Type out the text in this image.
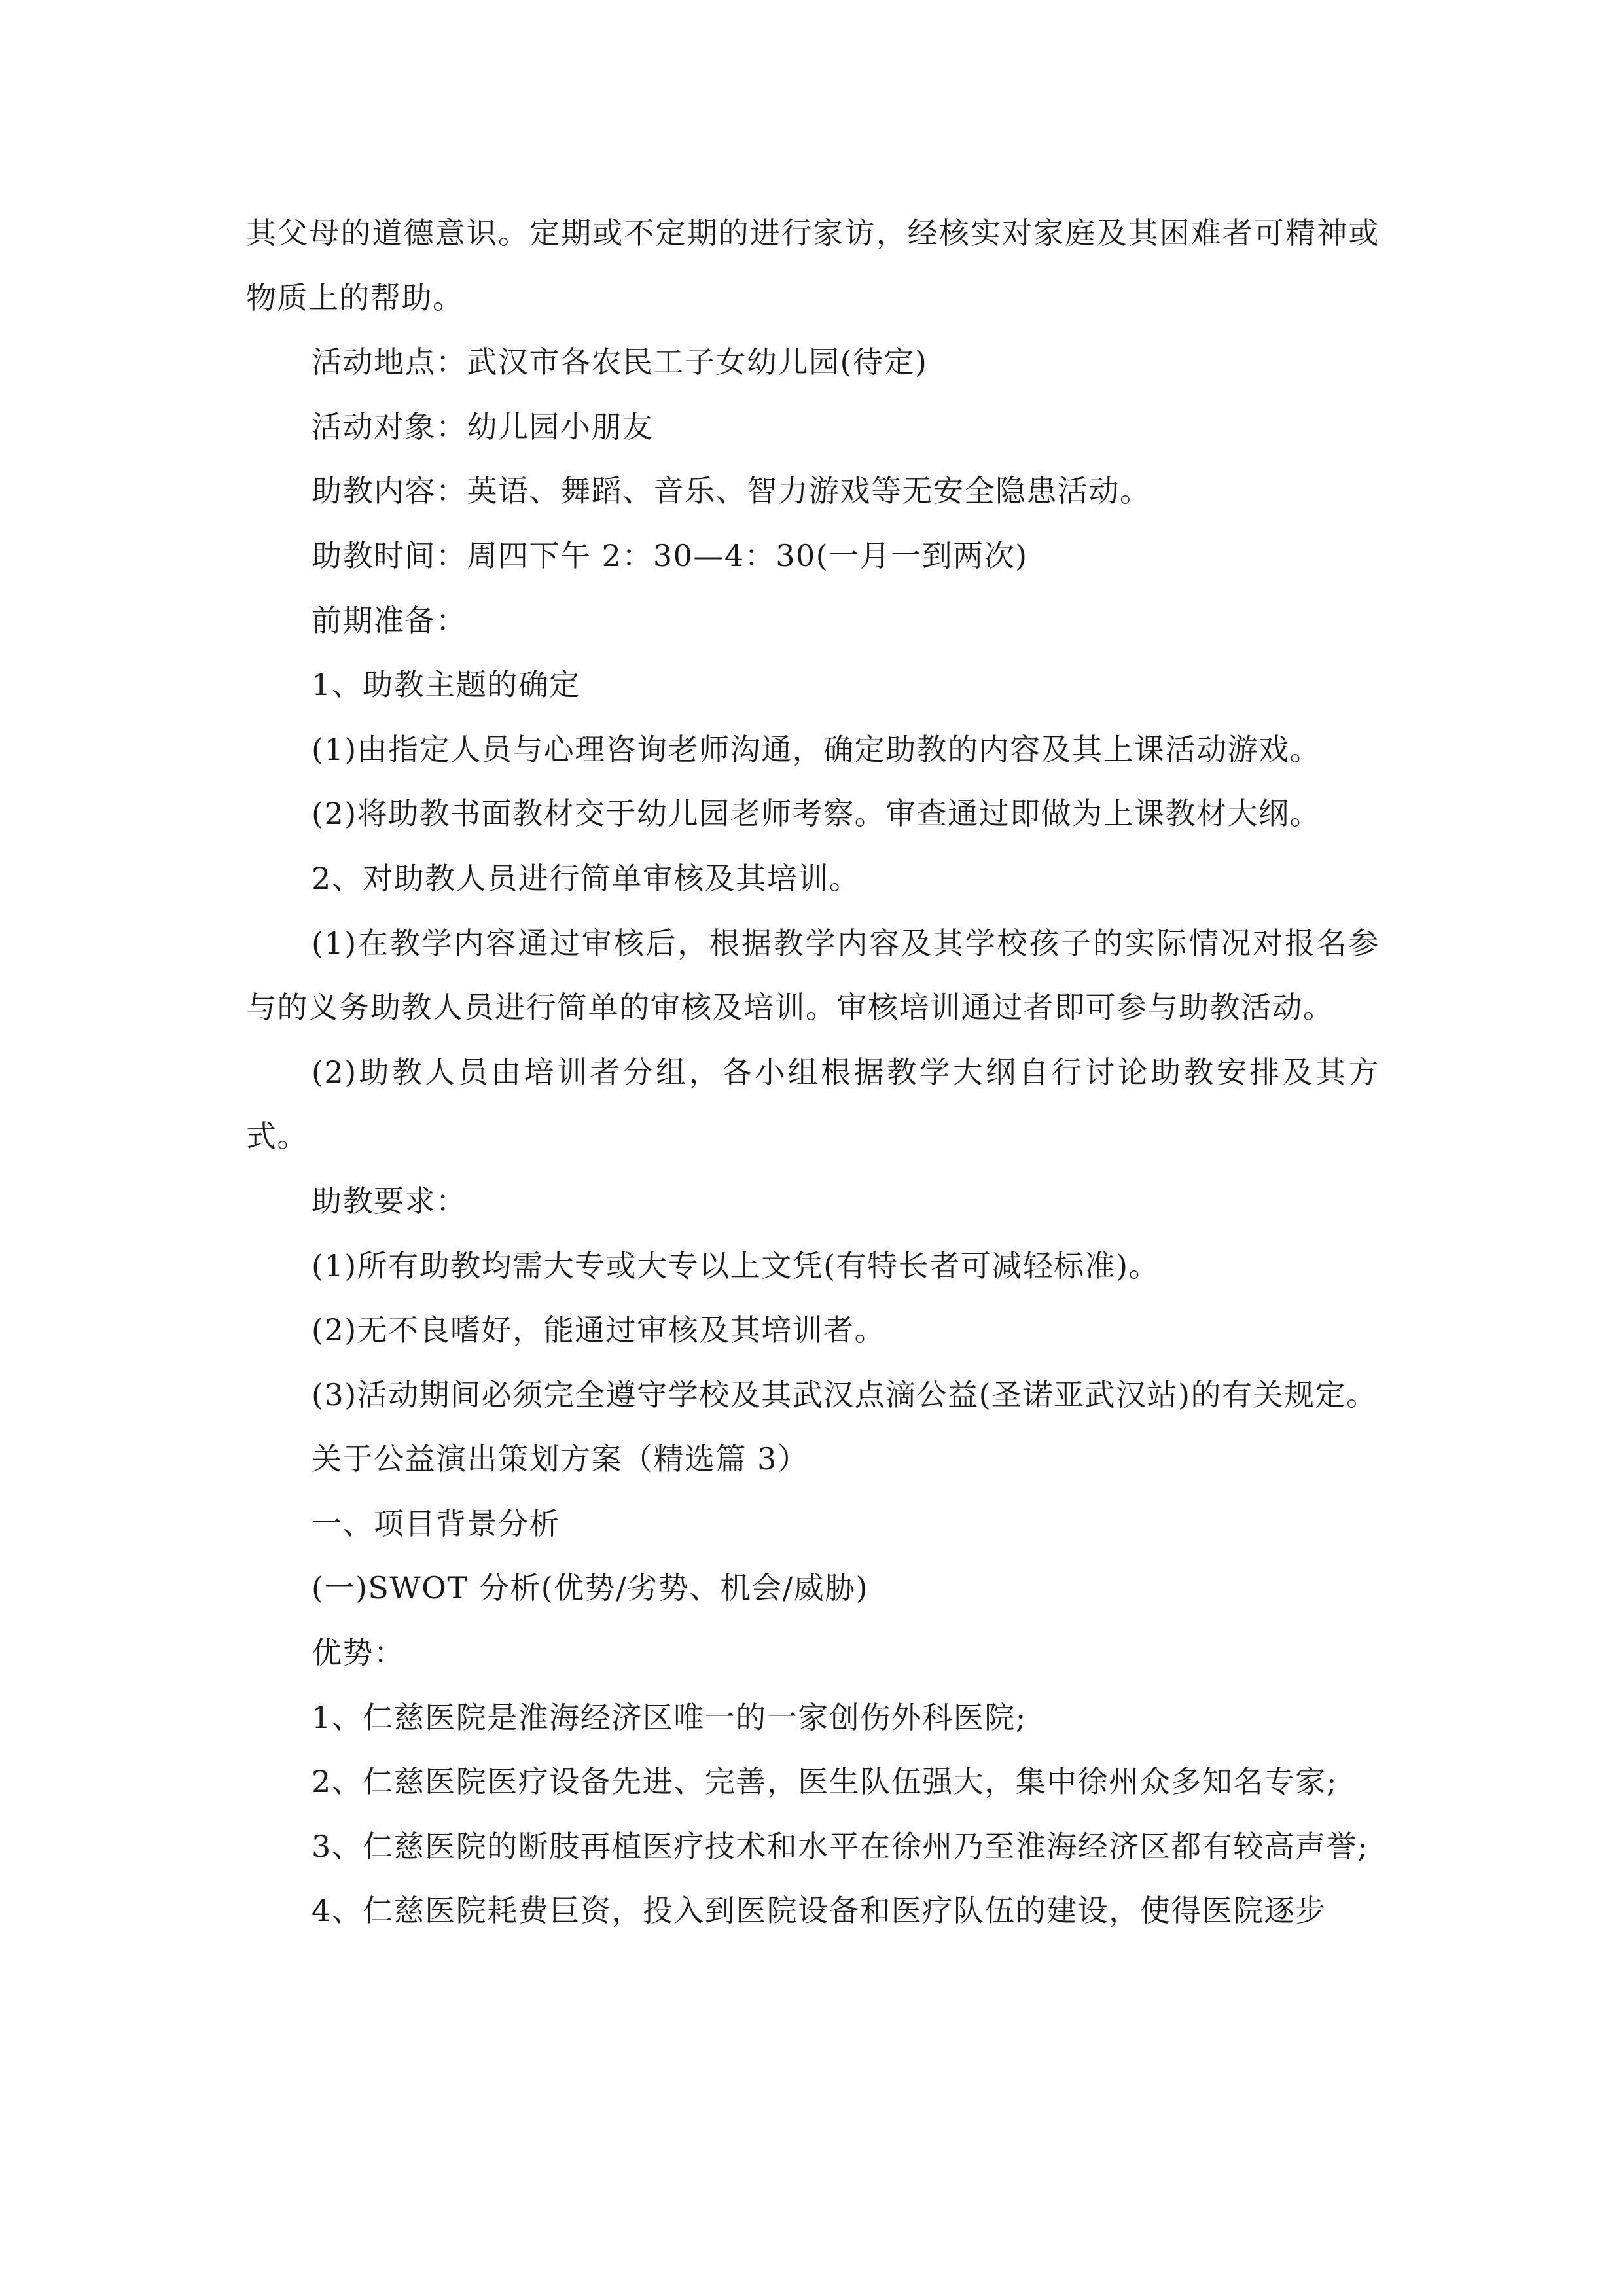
其父母的道德意识。定期或不定期的进行家访，经核实对家庭及其困难者可精神或物质上的帮助。

活动地点：武汉市各农民工子女幼儿园(待定)

活动对象：幼儿园小朋友

助教内容：英语、舞蹈、音乐、智力游戏等无安全隐患活动。

助教时间：周四下午 2：30—4：30(一月一到两次)

前期准备：

1、助教主题的确定

(1)由指定人员与心理咨询老师沟通，确定助教的内容及其上课活动游戏。

(2)将助教书面教材交于幼儿园老师考察。审查通过即做为上课教材大纲。

2、对助教人员进行简单审核及其培训。

(1)在教学内容通过审核后，根据教学内容及其学校孩子的实际情况对报名参与的义务助教人员进行简单的审核及培训。审核培训通过者即可参与助教活动。

(2)助教人员由培训者分组，各小组根据教学大纲自行讨论助教安排及其方式。

助教要求：

(1)所有助教均需大专或大专以上文凭(有特长者可减轻标准)。

(2)无不良嗜好，能通过审核及其培训者。

(3)活动期间必须完全遵守学校及其武汉点滴公益(圣诺亚武汉站)的有关规定。

关于公益演出策划方案（精选篇 3）

一、项目背景分析

(一)SWOT 分析(优势/劣势、机会/威胁)

优势：

1、仁慈医院是淮海经济区唯一的一家创伤外科医院;

2、仁慈医院医疗设备先进、完善，医生队伍强大，集中徐州众多知名专家;

3、仁慈医院的断肢再植医疗技术和水平在徐州乃至淮海经济区都有较高声誉;

4、仁慈医院耗费巨资，投入到医院设备和医疗队伍的建设，使得医院逐步
